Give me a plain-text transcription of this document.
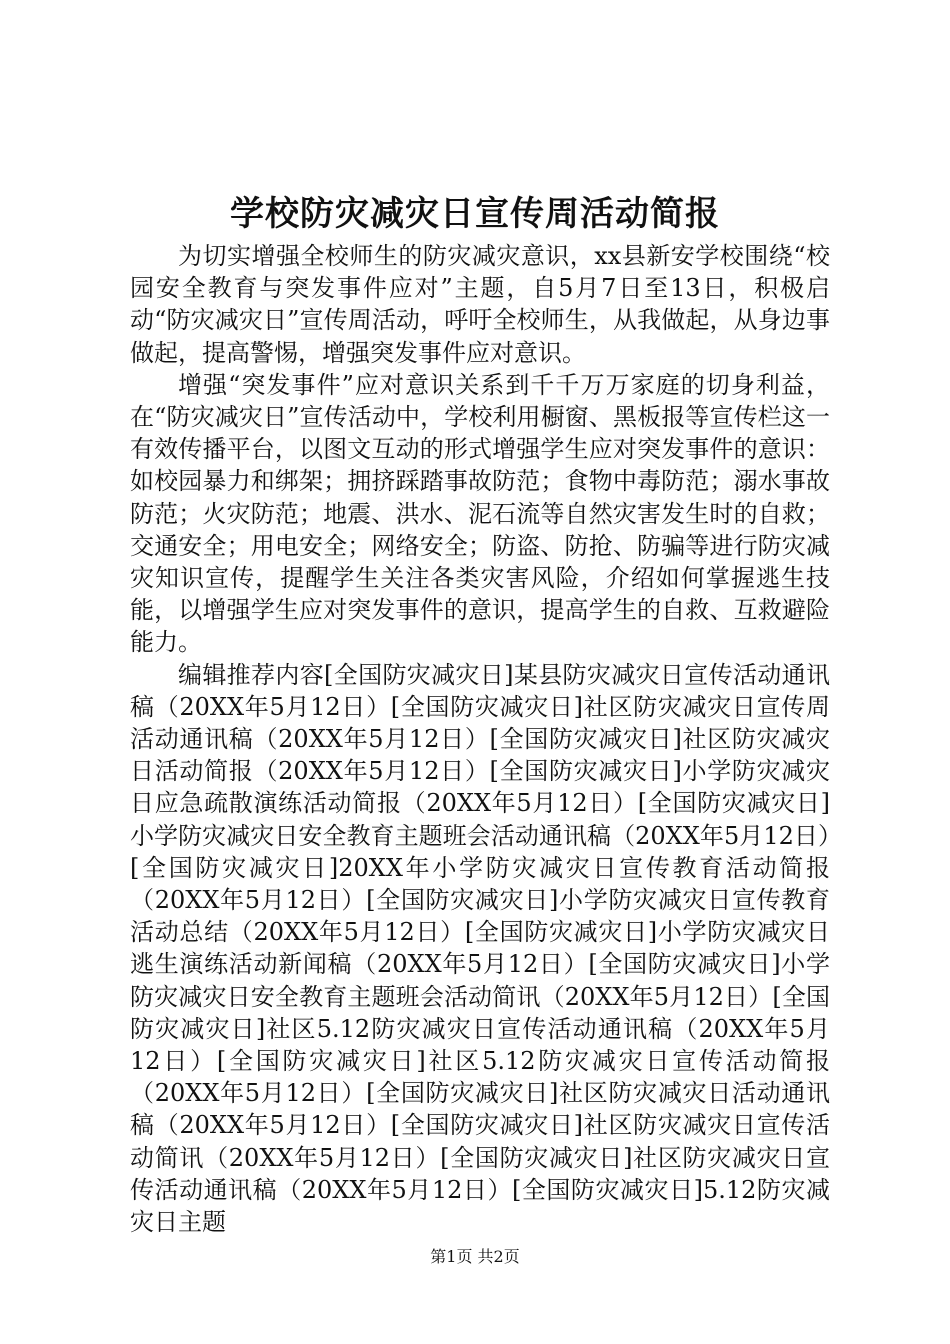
学校防灾减灾日宣传周活动简报

为切实增强全校师生的防灾减灾意识，xx县新安学校围绕“校园安全教育与突发事件应对”主题，自5月7日至13日，积极启动“防灾减灾日”宣传周活动，呼吁全校师生，从我做起，从身边事做起，提高警惕，增强突发事件应对意识。

增强“突发事件”应对意识关系到千千万万家庭的切身利益，在“防灾减灾日”宣传活动中，学校利用橱窗、黑板报等宣传栏这一有效传播平台，以图文互动的形式增强学生应对突发事件的意识：如校园暴力和绑架；拥挤踩踏事故防范；食物中毒防范；溺水事故防范；火灾防范；地震、洪水、泥石流等自然灾害发生时的自救；交通安全；用电安全；网络安全；防盗、防抢、防骗等进行防灾减灾知识宣传，提醒学生关注各类灾害风险，介绍如何掌握逃生技能，以增强学生应对突发事件的意识，提高学生的自救、互救避险能力。

编辑推荐内容[全国防灾减灾日]某县防灾减灾日宣传活动通讯稿（20XX年5月12日）[全国防灾减灾日]社区防灾减灾日宣传周活动通讯稿（20XX年5月12日）[全国防灾减灾日]社区防灾减灾日活动简报（20XX年5月12日）[全国防灾减灾日]小学防灾减灾日应急疏散演练活动简报（20XX年5月12日）[全国防灾减灾日]小学防灾减灾日安全教育主题班会活动通讯稿（20XX年5月12日）[全国防灾减灾日]20XX年小学防灾减灾日宣传教育活动简报（20XX年5月12日）[全国防灾减灾日]小学防灾减灾日宣传教育活动总结（20XX年5月12日）[全国防灾减灾日]小学防灾减灾日逃生演练活动新闻稿（20XX年5月12日）[全国防灾减灾日]小学防灾减灾日安全教育主题班会活动简讯（20XX年5月12日）[全国防灾减灾日]社区5.12防灾减灾日宣传活动通讯稿（20XX年5月12日）[全国防灾减灾日]社区5.12防灾减灾日宣传活动简报（20XX年5月12日）[全国防灾减灾日]社区防灾减灾日活动通讯稿（20XX年5月12日）[全国防灾减灾日]社区防灾减灾日宣传活动简讯（20XX年5月12日）[全国防灾减灾日]社区防灾减灾日宣传活动通讯稿（20XX年5月12日）[全国防灾减灾日]5.12防灾减灾日主题

第1页 共2页
